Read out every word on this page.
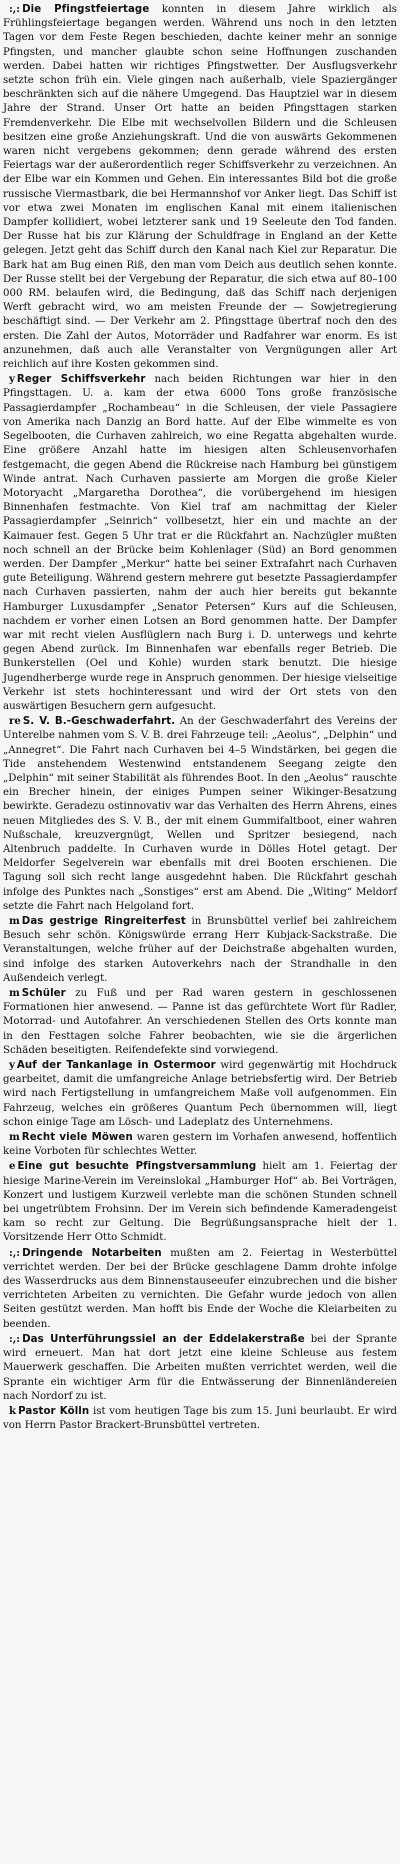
:,: Die Pfingstfeiertage konnten in diesem Jahre wirklich als Frühlingsfeiertage begangen werden. Während uns noch in den letzten Tagen vor dem Feste Regen beschieden, dachte keiner mehr an sonnige Pfingsten, und mancher glaubte schon seine Hoffnungen zuschanden werden. Dabei hatten wir richtiges Pfingstwetter. Der Ausflugsverkehr setzte schon früh ein. Viele gingen nach außerhalb, viele Spaziergänger beschränkten sich auf die nähere Umgegend. Das Hauptziel war in diesem Jahre der Strand. Unser Ort hatte an beiden Pfingsttagen starken Fremdenverkehr. Die Elbe mit wechselvollen Bildern und die Schleusen besitzen eine große Anziehungskraft. Und die von auswärts Gekommenen waren nicht vergebens gekommen; denn gerade während des ersten Feiertags war der außerordentlich reger Schiffsverkehr zu verzeichnen. An der Elbe war ein Kommen und Gehen. Ein interessantes Bild bot die große russische Viermastbark, die bei Hermannshof vor Anker liegt. Das Schiff ist vor etwa zwei Monaten im englischen Kanal mit einem italienischen Dampfer kollidiert, wobei letzterer sank und 19 Seeleute den Tod fanden. Der Russe hat bis zur Klärung der Schuldfrage in England an der Kette gelegen. Jetzt geht das Schiff durch den Kanal nach Kiel zur Reparatur. Die Bark hat am Bug einen Riß, den man vom Deich aus deutlich sehen konnte. Der Russe stellt bei der Vergebung der Reparatur, die sich etwa auf 80–100 000 RM. belaufen wird, die Bedingung, daß das Schiff nach derjenigen Werft gebracht wird, wo am meisten Freunde der — Sowjetregierung beschäftigt sind. — Der Verkehr am 2. Pfingsttage übertraf noch den des ersten. Die Zahl der Autos, Motorräder und Radfahrer war enorm. Es ist anzunehmen, daß auch alle Veranstalter von Vergnügungen aller Art reichlich auf ihre Kosten gekommen sind.

y Reger Schiffsverkehr nach beiden Richtungen war hier in den Pfingsttagen. U. a. kam der etwa 6000 Tons große französische Passagierdampfer „Rochambeau“ in die Schleusen, der viele Passagiere von Amerika nach Danzig an Bord hatte. Auf der Elbe wimmelte es von Segelbooten, die Curhaven zahlreich, wo eine Regatta abgehalten wurde. Eine größere Anzahl hatte im hiesigen alten Schleusenvorhafen festgemacht, die gegen Abend die Rückreise nach Hamburg bei günstigem Winde antrat. Nach Curhaven passierte am Morgen die große Kieler Motoryacht „Margaretha Dorothea“, die vorübergehend im hiesigen Binnenhafen festmachte. Von Kiel traf am nachmittag der Kieler Passagierdampfer „Seinrich“ vollbesetzt, hier ein und machte an der Kaimauer fest. Gegen 5 Uhr trat er die Rückfahrt an. Nachzügler mußten noch schnell an der Brücke beim Kohlenlager (Süd) an Bord genommen werden. Der Dampfer „Merkur“ hatte bei seiner Extrafahrt nach Curhaven gute Beteiligung. Während gestern mehrere gut besetzte Passagierdampfer nach Curhaven passierten, nahm der auch hier bereits gut bekannte Hamburger Luxusdampfer „Senator Petersen“ Kurs auf die Schleusen, nachdem er vorher einen Lotsen an Bord genommen hatte. Der Dampfer war mit recht vielen Ausflüglern nach Burg i. D. unterwegs und kehrte gegen Abend zurück. Im Binnenhafen war ebenfalls reger Betrieb. Die Bunkerstellen (Oel und Kohle) wurden stark benutzt. Die hiesige Jugendherberge wurde rege in Anspruch genommen. Der hiesige vielseitige Verkehr ist stets hochinteressant und wird der Ort stets von den auswärtigen Besuchern gern aufgesucht.

re S. V. B.-Geschwaderfahrt. An der Geschwaderfahrt des Vereins der Unterelbe nahmen vom S. V. B. drei Fahrzeuge teil: „Aeolus“, „Delphin“ und „Annegret“. Die Fahrt nach Curhaven bei 4–5 Windstärken, bei gegen die Tide anstehendem Westenwind entstandenem Seegang zeigte den „Delphin“ mit seiner Stabilität als führendes Boot. In den „Aeolus“ rauschte ein Brecher hinein, der einiges Pumpen seiner Wikinger-Besatzung bewirkte. Geradezu ostinnovativ war das Verhalten des Herrn Ahrens, eines neuen Mitgliedes des S. V. B., der mit einem Gummifaltboot, einer wahren Nußschale, kreuzvergnügt, Wellen und Spritzer besiegend, nach Altenbruch paddelte. In Curhaven wurde in Dölles Hotel getagt. Der Meldorfer Segelverein war ebenfalls mit drei Booten erschienen. Die Tagung soll sich recht lange ausgedehnt haben. Die Rückfahrt geschah infolge des Punktes nach „Sonstiges“ erst am Abend. Die „Witing“ Meldorf setzte die Fahrt nach Helgoland fort.

m Das gestrige Ringreiterfest in Brunsbüttel verlief bei zahlreichem Besuch sehr schön. Königswürde errang Herr Kubjack-Sackstraße. Die Veranstaltungen, welche früher auf der Deichstraße abgehalten wurden, sind infolge des starken Autoverkehrs nach der Strandhalle in den Außendeich verlegt.

m Schüler zu Fuß und per Rad waren gestern in geschlossenen Formationen hier anwesend. — Panne ist das gefürchtete Wort für Radler, Motorrad- und Autofahrer. An verschiedenen Stellen des Orts konnte man in den Festtagen solche Fahrer beobachten, wie sie die ärgerlichen Schäden beseitigten. Reifendefekte sind vorwiegend.

y Auf der Tankanlage in Ostermoor wird gegenwärtig mit Hochdruck gearbeitet, damit die umfangreiche Anlage betriebsfertig wird. Der Betrieb wird nach Fertigstellung in umfangreichem Maße voll aufgenommen. Ein Fahrzeug, welches ein größeres Quantum Pech übernommen will, liegt schon einige Tage am Lösch- und Ladeplatz des Unternehmens.

m Recht viele Möwen waren gestern im Vorhafen anwesend, hoffentlich keine Vorboten für schlechtes Wetter.

e Eine gut besuchte Pfingstversammlung hielt am 1. Feiertag der hiesige Marine-Verein im Vereinslokal „Hamburger Hof“ ab. Bei Vorträgen, Konzert und lustigem Kurzweil verlebte man die schönen Stunden schnell bei ungetrübtem Frohsinn. Der im Verein sich befindende Kameradengeist kam so recht zur Geltung. Die Begrüßungsansprache hielt der 1. Vorsitzende Herr Otto Schmidt.

:,: Dringende Notarbeiten mußten am 2. Feiertag in Westerbüttel verrichtet werden. Der bei der Brücke geschlagene Damm drohte infolge des Wasserdrucks aus dem Binnenstauseeufer einzubrechen und die bisher verrichteten Arbeiten zu vernichten. Die Gefahr wurde jedoch von allen Seiten gestützt werden. Man hofft bis Ende der Woche die Kleiarbeiten zu beenden.

:,: Das Unterführungssiel an der Eddelakerstraße bei der Sprante wird erneuert. Man hat dort jetzt eine kleine Schleuse aus festem Mauerwerk geschaffen. Die Arbeiten mußten verrichtet werden, weil die Sprante ein wichtiger Arm für die Entwässerung der Binnenländereien nach Nordorf zu ist.

k Pastor Kölln ist vom heutigen Tage bis zum 15. Juni beurlaubt. Er wird von Herrn Pastor Brackert-Brunsbüttel vertreten.
